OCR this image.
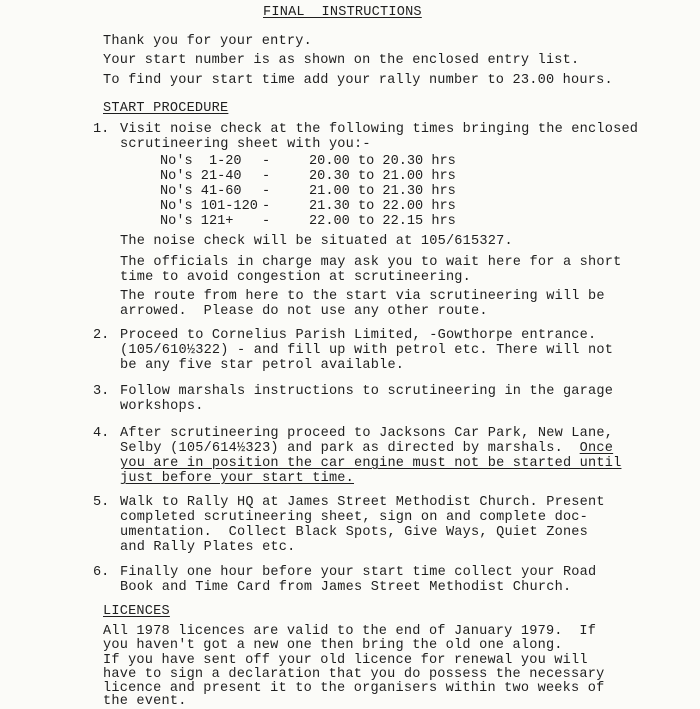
FINAL  INSTRUCTIONS
Thank you for your entry.
Your start number is as shown on the enclosed entry list.
To find your start time add your rally number to 23.00 hours.
START PROCEDURE
1. Visit noise check at the following times bringing the enclosed
scrutineering sheet with you:-
No's  1-20 -	20.00 to 20.30 hrs
No's 21-40 -	20.30 to 21.00 hrs
No's 41-60 -	21.00 to 21.30 hrs
No's 101-120 -	21.30 to 22.00 hrs
No's 121+ -	22.00 to 22.15 hrs
The noise check will be situated at 105/615327.
The officials in charge may ask you to wait here for a short
time to avoid congestion at scrutineering.
The route from here to the start via scrutineering will be
arrowed.  Please do not use any other route.
2. Proceed to Cornelius Parish Limited, -Gowthorpe entrance.
(105/610½322) - and fill up with petrol etc. There will not
be any five star petrol available.
3. Follow marshals instructions to scrutineering in the garage
workshops.
4. After scrutineering proceed to Jacksons Car Park, New Lane,
Selby (105/614½323) and park as directed by marshals.  Once
you are in position the car engine must not be started until
just before your start time.
5. Walk to Rally HQ at James Street Methodist Church. Present
completed scrutineering sheet, sign on and complete doc-
umentation.  Collect Black Spots, Give Ways, Quiet Zones
and Rally Plates etc.
6. Finally one hour before your start time collect your Road
Book and Time Card from James Street Methodist Church.
LICENCES
All 1978 licences are valid to the end of January 1979.  If
you haven't got a new one then bring the old one along.
If you have sent off your old licence for renewal you will
have to sign a declaration that you do possess the necessary
licence and present it to the organisers within two weeks of
the event.
